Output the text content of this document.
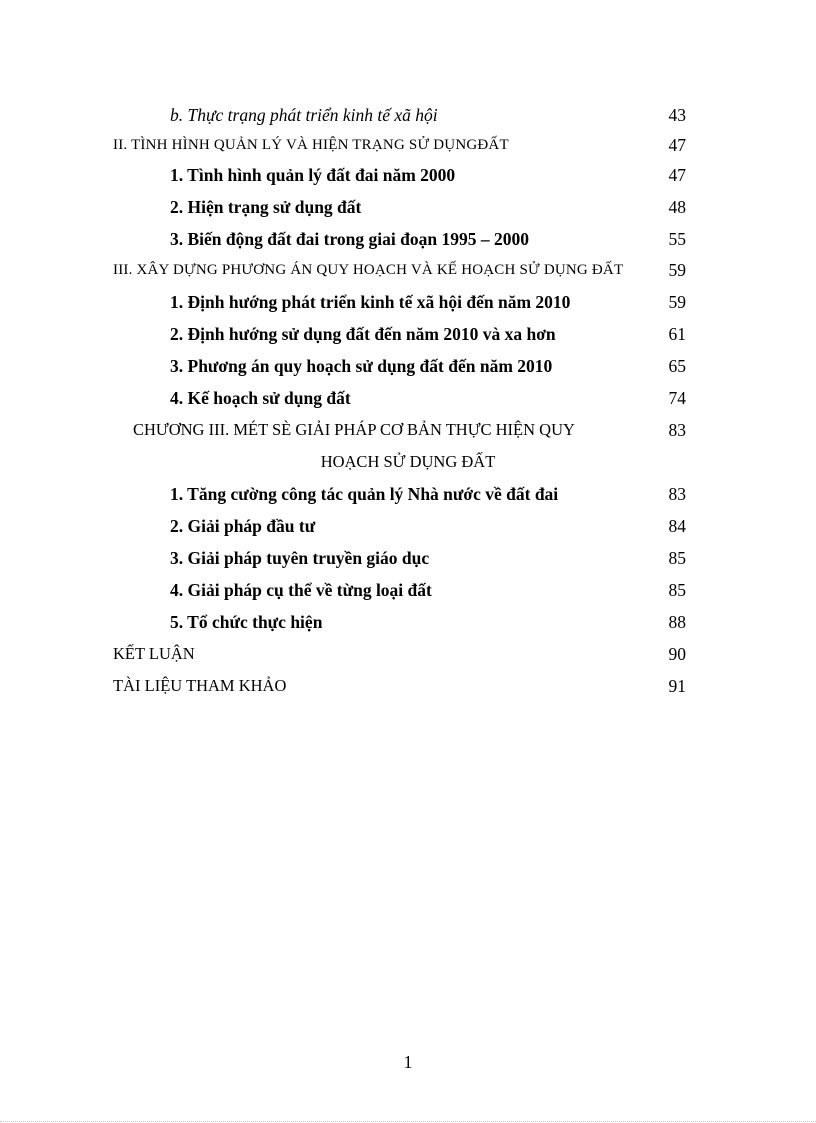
b. Thực trạng phát triển kinh tế xã hội	43
II. TÌNH HÌNH QUẢN LÝ VÀ HIỆN TRẠNG SỬ DỤNGĐẤT	47
1. Tình hình quản lý đất đai năm 2000	47
2. Hiện trạng sử dụng đất	48
3. Biến động đất đai trong giai đoạn 1995 – 2000	55
III. XÂY DỰNG PHƯƠNG ÁN QUY HOẠCH VÀ KẾ HOẠCH SỬ DỤNG ĐẤT	59
1. Định hướng phát triển kinh tế xã hội đến năm 2010	59
2. Định hướng sử dụng đất đến năm 2010 và xa hơn	61
3. Phương án quy hoạch sử dụng đất đến năm 2010	65
4. Kế hoạch sử dụng đất	74
CHƯƠNG III. MÉT SÈ GIẢI PHÁP CƠ BẢN THỰC HIỆN QUY	83
HOẠCH SỬ DỤNG ĐẤT
1. Tăng cường công tác quản lý Nhà nước về đất đai	83
2. Giải pháp đầu tư	84
3. Giải pháp tuyên truyền giáo dục	85
4. Giải pháp cụ thể về từng loại đất	85
5. Tổ chức thực hiện	88
KẾT LUẬN	90
TÀI LIỆU THAM KHẢO	91
1
